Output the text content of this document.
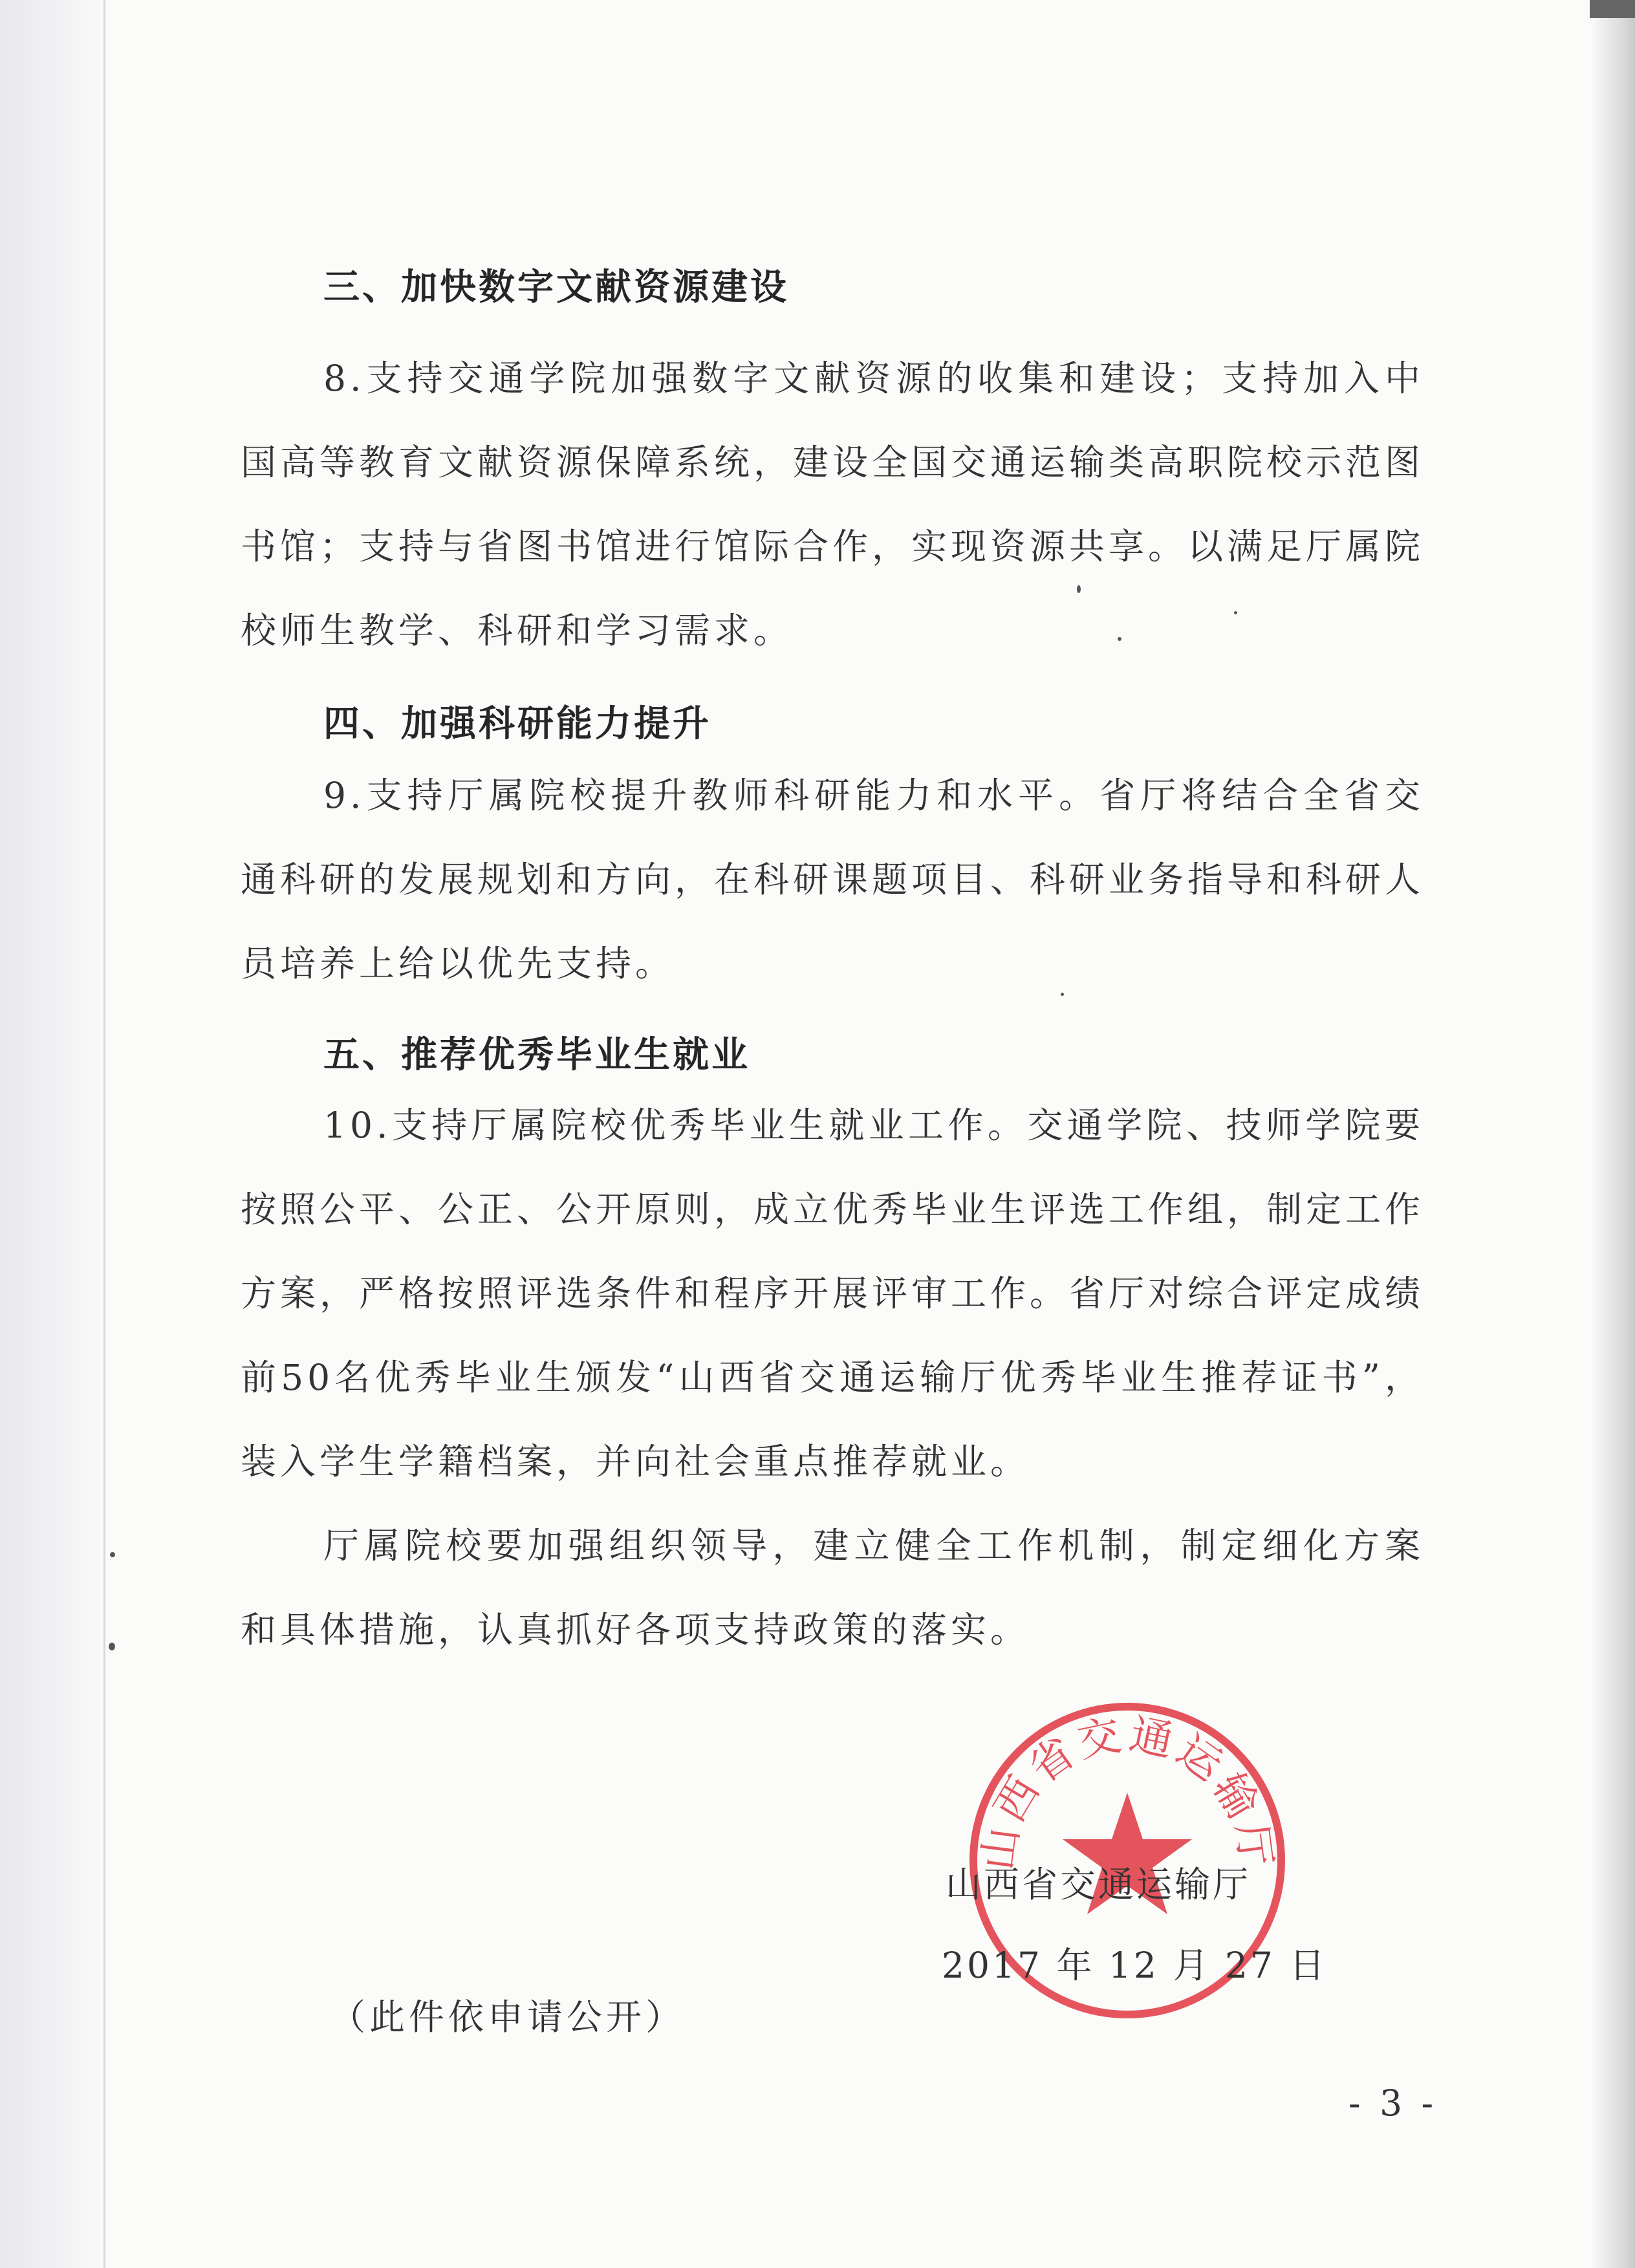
三、加快数字文献资源建设

8.支持交通学院加强数字文献资源的收集和建设；支持加入中国高等教育文献资源保障系统，建设全国交通运输类高职院校示范图书馆；支持与省图书馆进行馆际合作，实现资源共享。以满足厅属院校师生教学、科研和学习需求。

四、加强科研能力提升

9.支持厅属院校提升教师科研能力和水平。省厅将结合全省交通科研的发展规划和方向，在科研课题项目、科研业务指导和科研人员培养上给以优先支持。

五、推荐优秀毕业生就业

10.支持厅属院校优秀毕业生就业工作。交通学院、技师学院要按照公平、公正、公开原则，成立优秀毕业生评选工作组，制定工作方案，严格按照评选条件和程序开展评审工作。省厅对综合评定成绩前50名优秀毕业生颁发“山西省交通运输厅优秀毕业生推荐证书”，装入学生学籍档案，并向社会重点推荐就业。

厅属院校要加强组织领导，建立健全工作机制，制定细化方案和具体措施，认真抓好各项支持政策的落实。

山西省交通运输厅
山西省交通运输厅
2017 年 12 月 27 日
（此件依申请公开）
- 3 -
